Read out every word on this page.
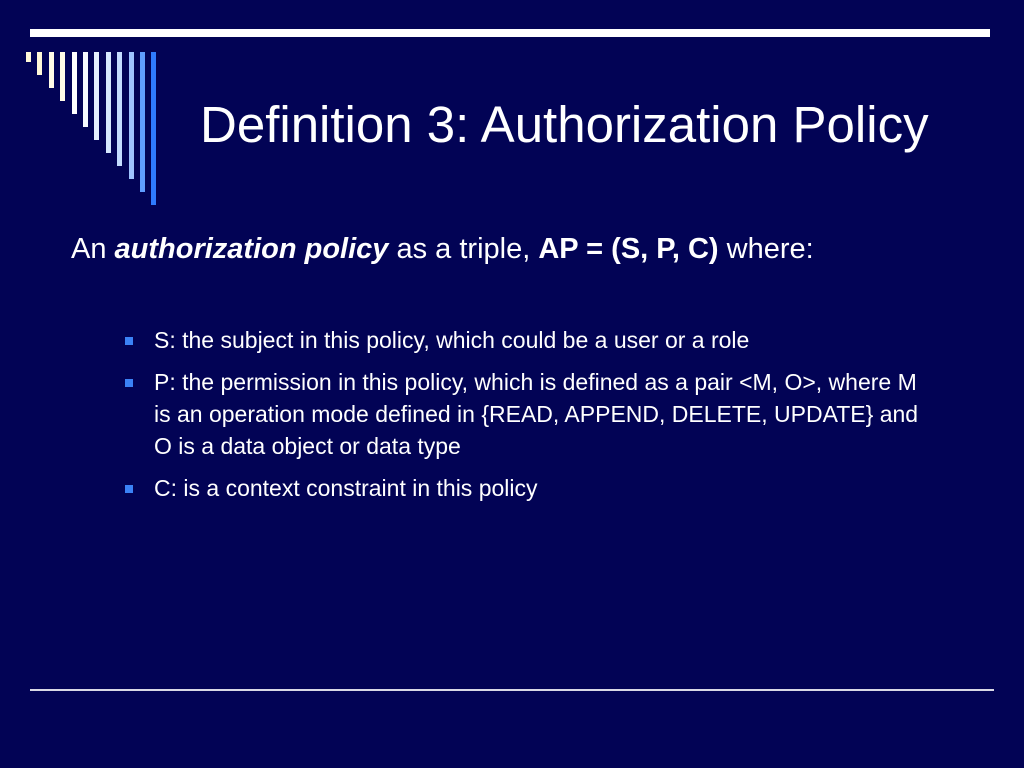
Definition 3: Authorization Policy
An authorization policy as a triple, AP = (S, P, C) where:
S: the subject in this policy, which could be a user or a role
P: the permission in this policy, which is defined as a pair <M, O>, where M is an operation mode defined in {READ, APPEND, DELETE, UPDATE} and O is a data object or data type
C: is a context constraint in this policy
